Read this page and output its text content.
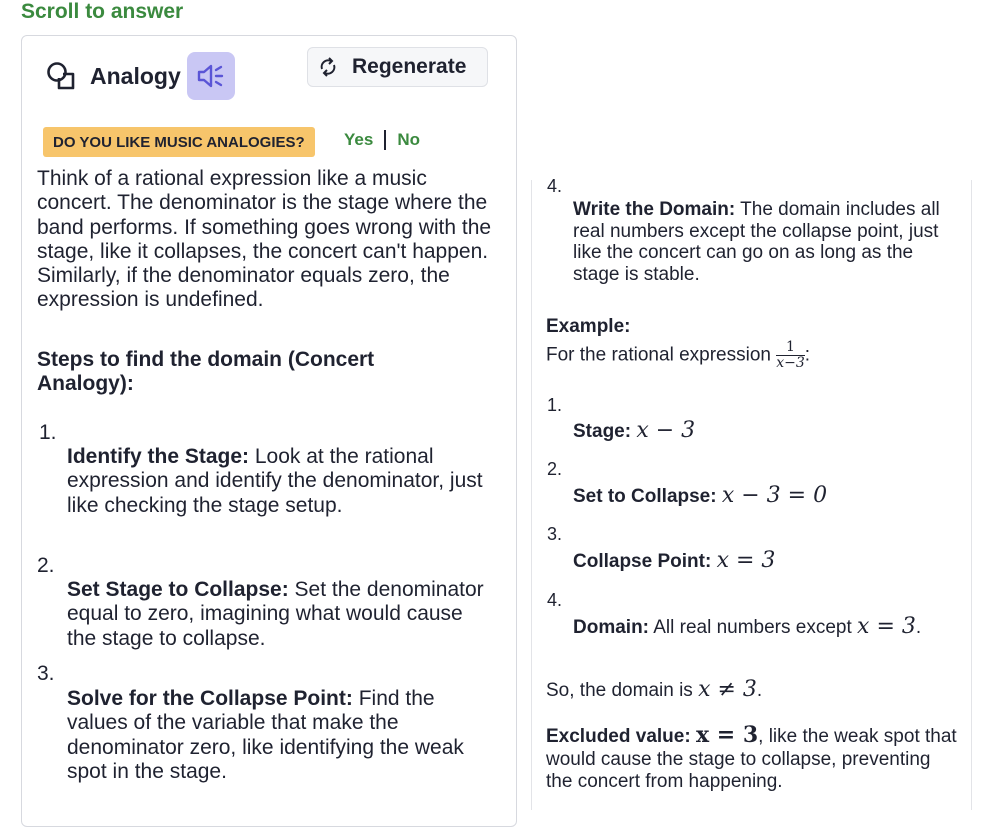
Scroll to answer
Analogy	Regenerate
DO YOU LIKE MUSIC ANALOGIES?	Yes No
Think of a rational expression like a music concert. The denominator is the stage where the band performs. If something goes wrong with the stage, like it collapses, the concert can't happen. Similarly, if the denominator equals zero, the expression is undefined.
Steps to find the domain (Concert Analogy):
1.
Identify the Stage: Look at the rational expression and identify the denominator, just like checking the stage setup.
2.
Set Stage to Collapse: Set the denominator equal to zero, imagining what would cause the stage to collapse.
3.
Solve for the Collapse Point: Find the values of the variable that make the denominator zero, like identifying the weak spot in the stage.
4.
Write the Domain: The domain includes all real numbers except the collapse point, just like the concert can go on as long as the stage is stable.
Example:
For the rational expression $\frac{1}{x-3}$ :
1.
Stage: x − 3
2.
Set to Collapse: x − 3 = 0
3.
Collapse Point: x = 3
4.
Domain: All real numbers except x = 3.
So, the domain is x ≠ 3.
Excluded value: x = 3, like the weak spot that would cause the stage to collapse, preventing the concert from happening.
